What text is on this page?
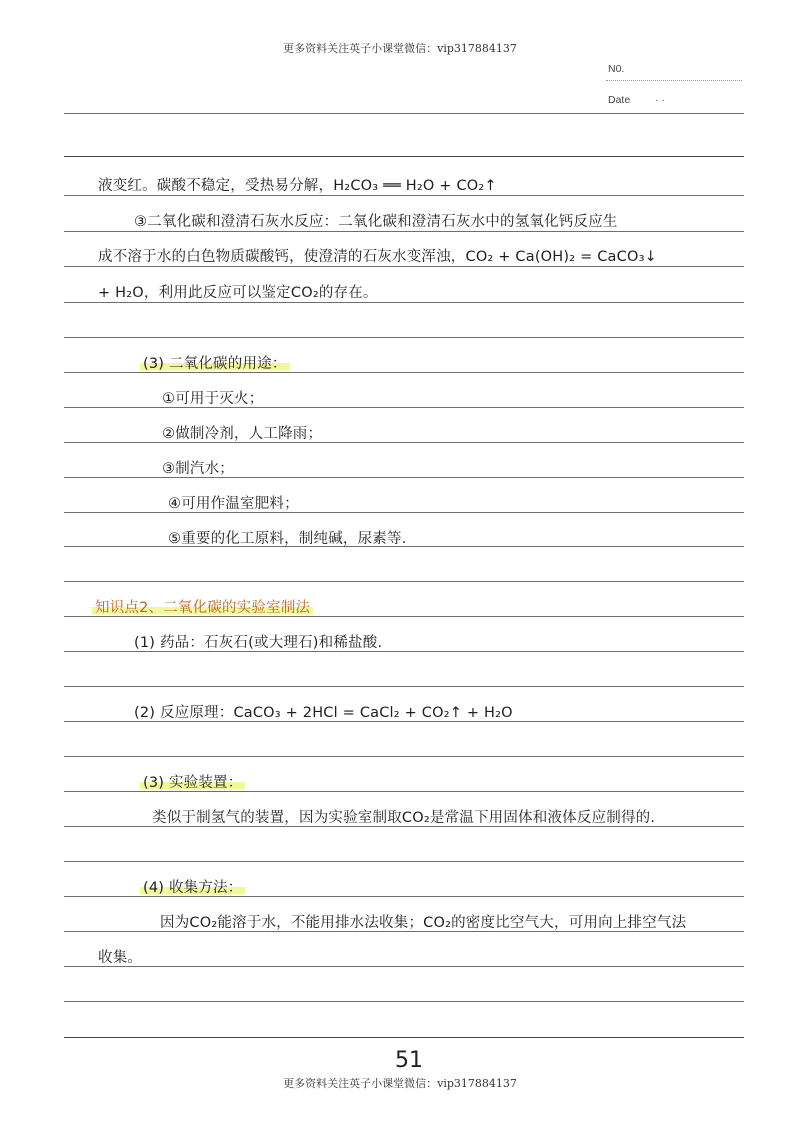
更多资料关注英子小课堂微信：vip317884137
N0.
Date · ·
液变红。碳酸不稳定，受热易分解，H₂CO₃ ══ H₂O + CO₂↑
③二氧化碳和澄清石灰水反应：二氧化碳和澄清石灰水中的氢氧化钙反应生
成不溶于水的白色物质碳酸钙，使澄清的石灰水变浑浊，CO₂ + Ca(OH)₂ = CaCO₃↓
+ H₂O，利用此反应可以鉴定CO₂的存在。
(3) 二氧化碳的用途：
①可用于灭火；
②做制冷剂，人工降雨；
③制汽水；
④可用作温室肥料；
⑤重要的化工原料，制纯碱，尿素等.
知识点2、二氧化碳的实验室制法
(1) 药品：石灰石(或大理石)和稀盐酸.
(2) 反应原理：CaCO₃ + 2HCl = CaCl₂ + CO₂↑ + H₂O
(3) 实验装置：
类似于制氢气的装置，因为实验室制取CO₂是常温下用固体和液体反应制得的.
(4) 收集方法：
因为CO₂能溶于水，不能用排水法收集；CO₂的密度比空气大，可用向上排空气法
收集。
51
更多资料关注英子小课堂微信：vip317884137
